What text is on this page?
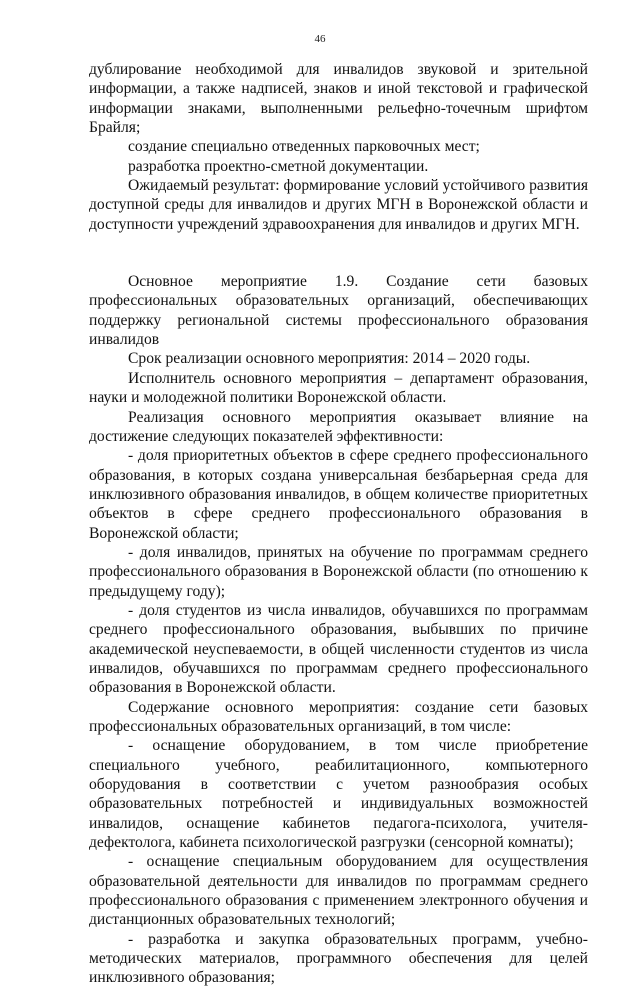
46

дублирование необходимой для инвалидов звуковой и зрительной информации, а также надписей, знаков и иной текстовой и графической информации знаками, выполненными рельефно-точечным шрифтом Брайля;

создание специально отведенных парковочных мест;

разработка проектно-сметной документации.

Ожидаемый результат: формирование условий устойчивого развития доступной среды для инвалидов и других МГН в Воронежской области и доступности учреждений здравоохранения для инвалидов и других МГН.

Основное мероприятие 1.9. Создание сети базовых профессиональных образовательных организаций, обеспечивающих поддержку региональной системы профессионального образования инвалидов

Срок реализации основного мероприятия: 2014 – 2020 годы.

Исполнитель основного мероприятия – департамент образования, науки и молодежной политики Воронежской области.

Реализация основного мероприятия оказывает влияние на достижение следующих показателей эффективности:

- доля приоритетных объектов в сфере среднего профессионального образования, в которых создана универсальная безбарьерная среда для инклюзивного образования инвалидов, в общем количестве приоритетных объектов в сфере среднего профессионального образования в Воронежской области;

- доля инвалидов, принятых на обучение по программам среднего профессионального образования в Воронежской области (по отношению к предыдущему году);

- доля студентов из числа инвалидов, обучавшихся по программам среднего профессионального образования, выбывших по причине академической неуспеваемости, в общей численности студентов из числа инвалидов, обучавшихся по программам среднего профессионального образования в Воронежской области.

Содержание основного мероприятия: создание сети базовых профессиональных образовательных организаций, в том числе:

- оснащение оборудованием, в том числе приобретение специального учебного, реабилитационного, компьютерного оборудования в соответствии с учетом разнообразия особых образовательных потребностей и индивидуальных возможностей инвалидов, оснащение кабинетов педагога-психолога, учителя-дефектолога, кабинета психологической разгрузки (сенсорной комнаты);

- оснащение специальным оборудованием для осуществления образовательной деятельности для инвалидов по программам среднего профессионального образования с применением электронного обучения и дистанционных образовательных технологий;

- разработка и закупка образовательных программ, учебно-методических материалов, программного обеспечения для целей инклюзивного образования;
